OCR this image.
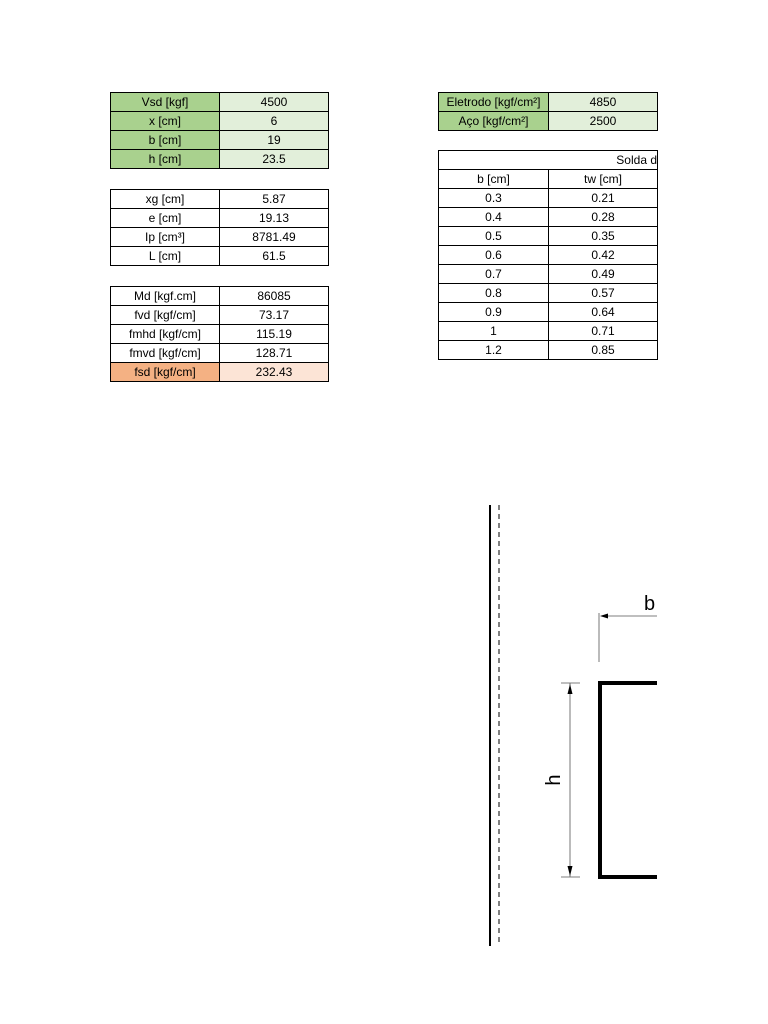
Vsd [kgf]	4500
x [cm]	6
b [cm]	19
h [cm]	23.5
xg [cm]	5.87
e [cm]	19.13
Ip [cm³]	8781.49
L [cm]	61.5
Md [kgf.cm]	86085
fvd [kgf/cm]	73.17
fmhd [kgf/cm]	115.19
fmvd [kgf/cm]	128.71
fsd [kgf/cm]	232.43
Eletrodo [kgf/cm²]	4850
Aço [kgf/cm²]	2500
Solda d	
b [cm]	tw [cm]
0.3	0.21
0.4	0.28
0.5	0.35
0.6	0.42
0.7	0.49
0.8	0.57
0.9	0.64
1	0.71
1.2	0.85
b
h
